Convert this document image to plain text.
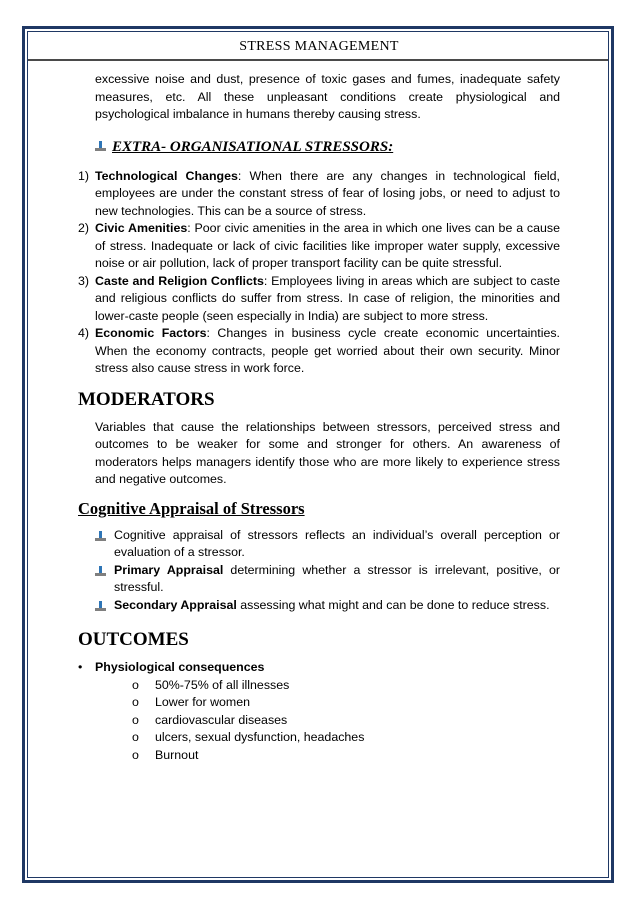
STRESS MANAGEMENT
excessive noise and dust, presence of toxic gases and fumes, inadequate safety measures, etc. All these unpleasant conditions create physiological and psychological imbalance in humans thereby causing stress.
EXTRA- ORGANISATIONAL STRESSORS:
1) Technological Changes: When there are any changes in technological field, employees are under the constant stress of fear of losing jobs, or need to adjust to new technologies. This can be a source of stress.
2) Civic Amenities: Poor civic amenities in the area in which one lives can be a cause of stress. Inadequate or lack of civic facilities like improper water supply, excessive noise or air pollution, lack of proper transport facility can be quite stressful.
3) Caste and Religion Conflicts: Employees living in areas which are subject to caste and religious conflicts do suffer from stress. In case of religion, the minorities and lower-caste people (seen especially in India) are subject to more stress.
4) Economic Factors: Changes in business cycle create economic uncertainties. When the economy contracts, people get worried about their own security. Minor stress also cause stress in work force.
MODERATORS
Variables that cause the relationships between stressors, perceived stress and outcomes to be weaker for some and stronger for others. An awareness of moderators helps managers identify those who are more likely to experience stress and negative outcomes.
Cognitive Appraisal of Stressors
Cognitive appraisal of stressors reflects an individual’s overall perception or evaluation of a stressor.
Primary Appraisal determining whether a stressor is irrelevant, positive, or stressful.
Secondary Appraisal assessing what might and can be done to reduce stress.
OUTCOMES
•	Physiological consequences
o	50%-75% of all illnesses
o	Lower for women
o	cardiovascular diseases
o	ulcers, sexual dysfunction, headaches
o	Burnout
